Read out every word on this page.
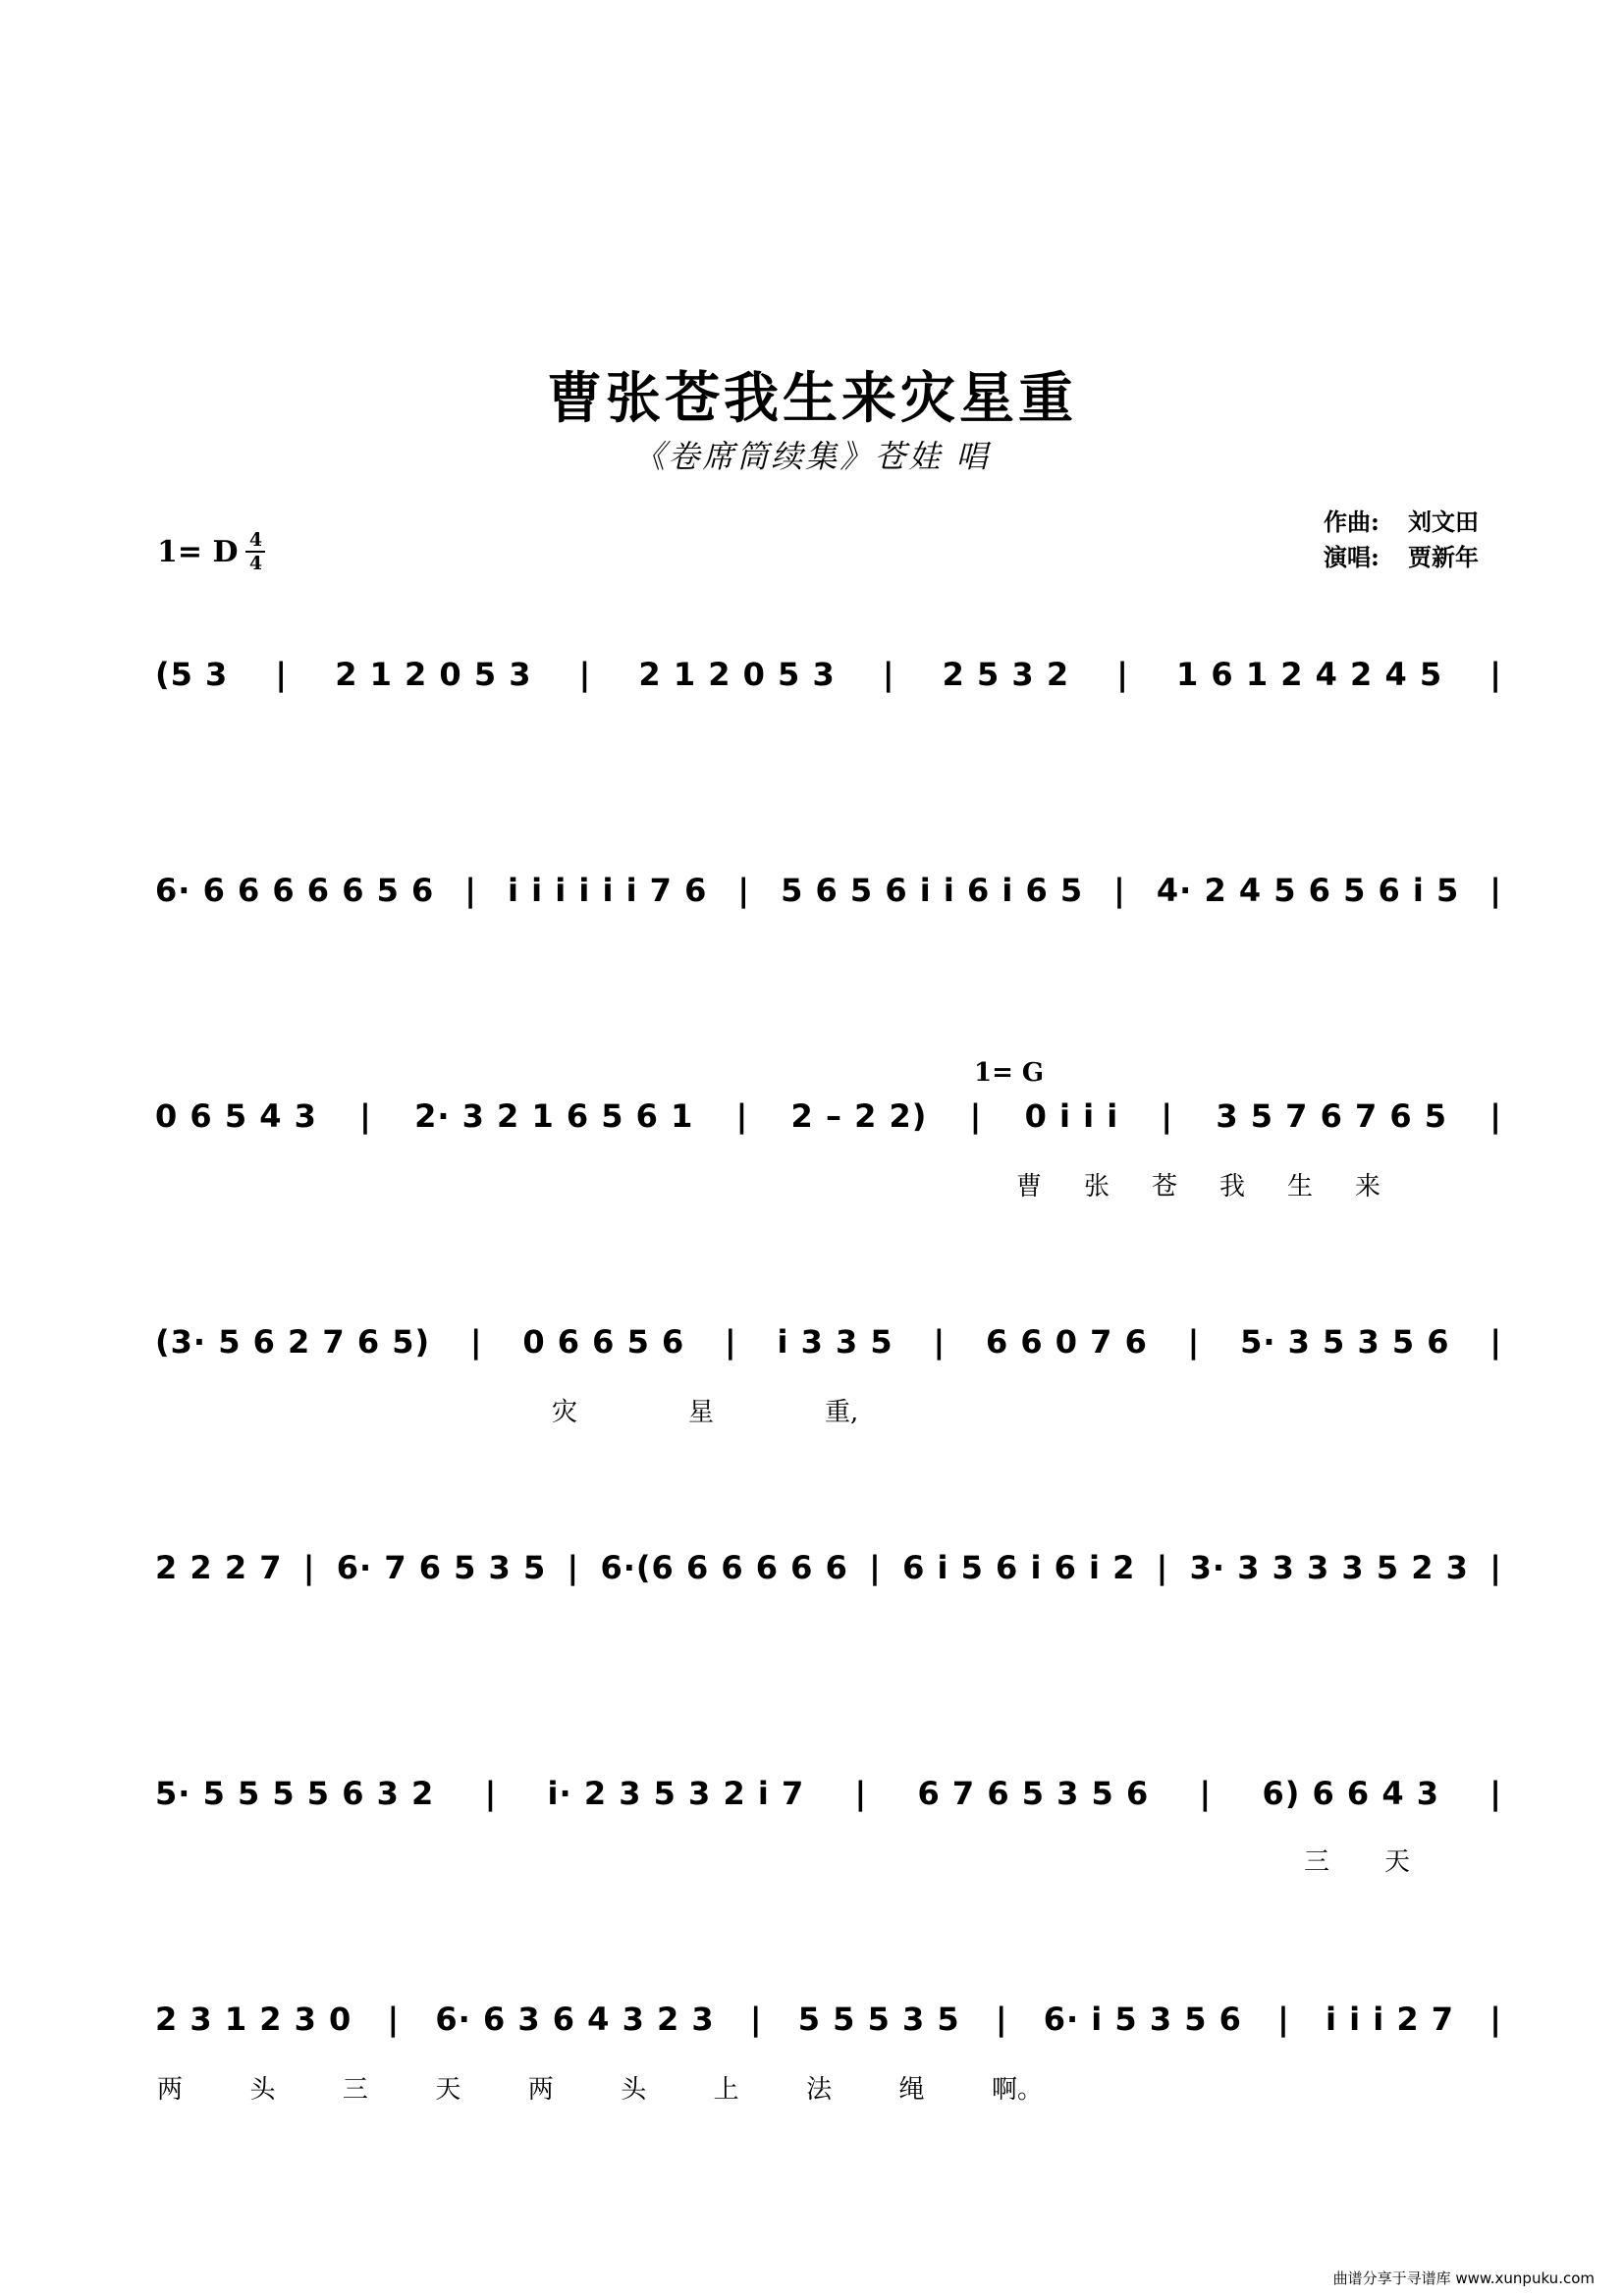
曹张苍我生来灾星重
《卷席筒续集》苍娃 唱
1= D $\frac{4}{4}$
作曲: 刘文田
演唱: 贾新年
1= G
(5 3 | 2 1 2 0 5 3 | 2 1 2 0 5 3 | 2 5 3 2 | 1 6 1 2 4 2 4 5 |
6· 6 6 6 6 6 5 6 | i i i i i i 7 6 | 5 6 5 6 i i 6 i 6 5 | 4· 2 4 5 6 5 6 i 5 |
0 6 5 4 3 | 2· 3 2 1 6 5 6 1 | 2 – 2 2) | 0 i i i | 3 5 7 6 7 6 5 |
曹 张 苍 我 生 来
(3· 5 6 2 7 6 5) | 0 6 6 5 6 | i 3 3 5 | 6 6 0 7 6 | 5· 3 5 3 5 6 |
灾	星	重,
2 2 2 7 | 6· 7 6 5 3 5 | 6·(6 6 6 6 6 6 | 6 i 5 6 i 6 i 2 | 3· 3 3 3 3 5 2 3 |
5· 5 5 5 5 6 3 2 | i· 2 3 5 3 2 i 7 | 6 7 6 5 3 5 6 | 6) 6 6 4 3 |
三 天
2 3 1 2 3 0 | 6· 6 3 6 4 3 2 3 | 5 5 5 3 5 | 6· i 5 3 5 6 | i i i 2 7 |
两	头	三	天	两	头	上	法	绳	啊。
曲谱分享于寻谱库 www.xunpuku.com
